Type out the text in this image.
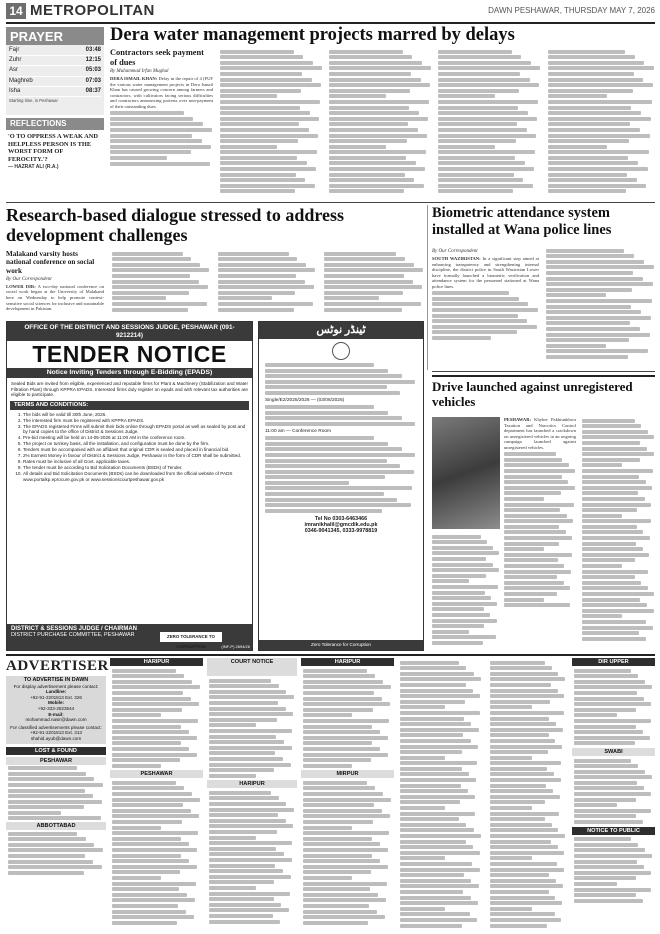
14 METROPOLITAN	DAWN PESHAWAR, THURSDAY MAY 7, 2026
PRAYER
Fajr	03:48
Zuhr	12:15
Asr	05:03
Maghreb	07:03
Isha	08:37
Starting time, in Peshawar
REFLECTIONS
'O TO OPPRESS A WEAK AND HELPLESS PERSON IS THE WORST FORM OF FEROCITY.'?
— HAZRAT ALI (R.A.)
Dera water management projects marred by delays
Contractors seek payment of dues
By Muhammad Irfan Mughal
DERA ISMAIL KHAN: Delay in the repair of 4 (FUF the various water management projects in Dera Ismail Khan has caused growing concern among farmers and contractors, with cultivators facing serious difficulties and contractors announcing protests over non-payment of their outstanding dues.
Research-based dialogue stressed to address development challenges
Malakand varsity hosts national conference on social work
By Our Correspondent
LOWER DIR: A two-day national conference on social work began at the University of Malakand here on Wednesday to help promote context-sensitive social sciences for inclusive and sustainable development in Pakistan.
Biometric attendance system installed at Wana police lines
By Our Correspondent
SOUTH WAZIRISTAN: In a significant step aimed at enhancing transparency and strengthening internal discipline, the district police in South Waziristan Lower have formally launched a biometric verification and attendance system for the personnel stationed at Wana police lines.
OFFICE OF THE DISTRICT AND SESSIONS JUDGE, PESHAWAR (091-9212214)
TENDER NOTICE
Notice Inviting Tenders through E-Bidding (EPADS)
Sealed Bids are invited from eligible, experienced and reputable firms for Plant & Machinery (Stabilization and Water Filtration Plant) through KPPRA EPADS. Interested firms duly register on epads and with relevant tax authorities are eligible to participate.
TERMS AND CONDITIONS:
1. The bids will be valid till 30th June, 2026.
2. The interested firm must be registered with KPPRA EPADS.
3. The EPADS registered Firms will submit their bids online through EPADS portal as well as sealed by post and by hand copies to the office of District & Sessions Judge.
4. Pre-bid meeting will be held on 14-05-2026 at 11:00 AM in the conference room.
5. The project on turnkey basis, all the installation, and configuration must be done by the firm.
6. Tenders must be accompanied with an affidavit that original CDR is sealed and placed in financial bid.
7. 2% Earnest Money in favour of District & Sessions Judge, Peshawar in the form of CDR shall be submitted.
8. Rates must be inclusive of all Govt. applicable taxes.
9. The tender must be according to Bid Solicitation Documents (BSDs) of Tender.
10. All details and Bid Solicitation Documents (BSDs) can be downloaded from the official website of PADS www.portalkp.eprocure.gov.pk or www.sessionscourtpeshawar.gov.pk
DISTRICT & SESSIONS JUDGE / CHAIRMAN
DISTRICT PURCHASE COMMITTEE, PESHAWAR	ZERO TOLERANCE TO CORRUPTION	(INF-P) 2694/26
ٹینڈر نوٹس
Single/E2/2025/2026 — (03/06/2026)
11:00 am — Conference Room
Tel No 0303-6463466
imranikhalil@gmcdik.edu.pk
0346-9041345, 0333-9978819
Zero Tolerance for Corruption
Drive launched against unregistered vehicles
PESHAWAR: Khyber Pakhtunkhwa Taxation and Narcotics Control department has launched a crackdown on unregistered vehicles in an ongoing campaign launched against unregistered vehicles.
ADVERTISER
TO ADVERTISE IN DAWN
For display advertisement please contact:
Landline:
+92-91-2201813 Ext. 326
Mobile:
+92-333-2623544
E-mail:
mohammad.nasir@dawn.com
For classified advertisements please contact:
+92-91-2201813 Ext. 313
shahid.ayub@dawn.com
LOST & FOUND
PESHAWAR
ABBOTTABAD
HARIPUR
PESHAWAR
COURT NOTICE
HARIPUR
HARIPUR
MIRPUR
DIR UPPER
SWABI
NOTICE TO PUBLIC
